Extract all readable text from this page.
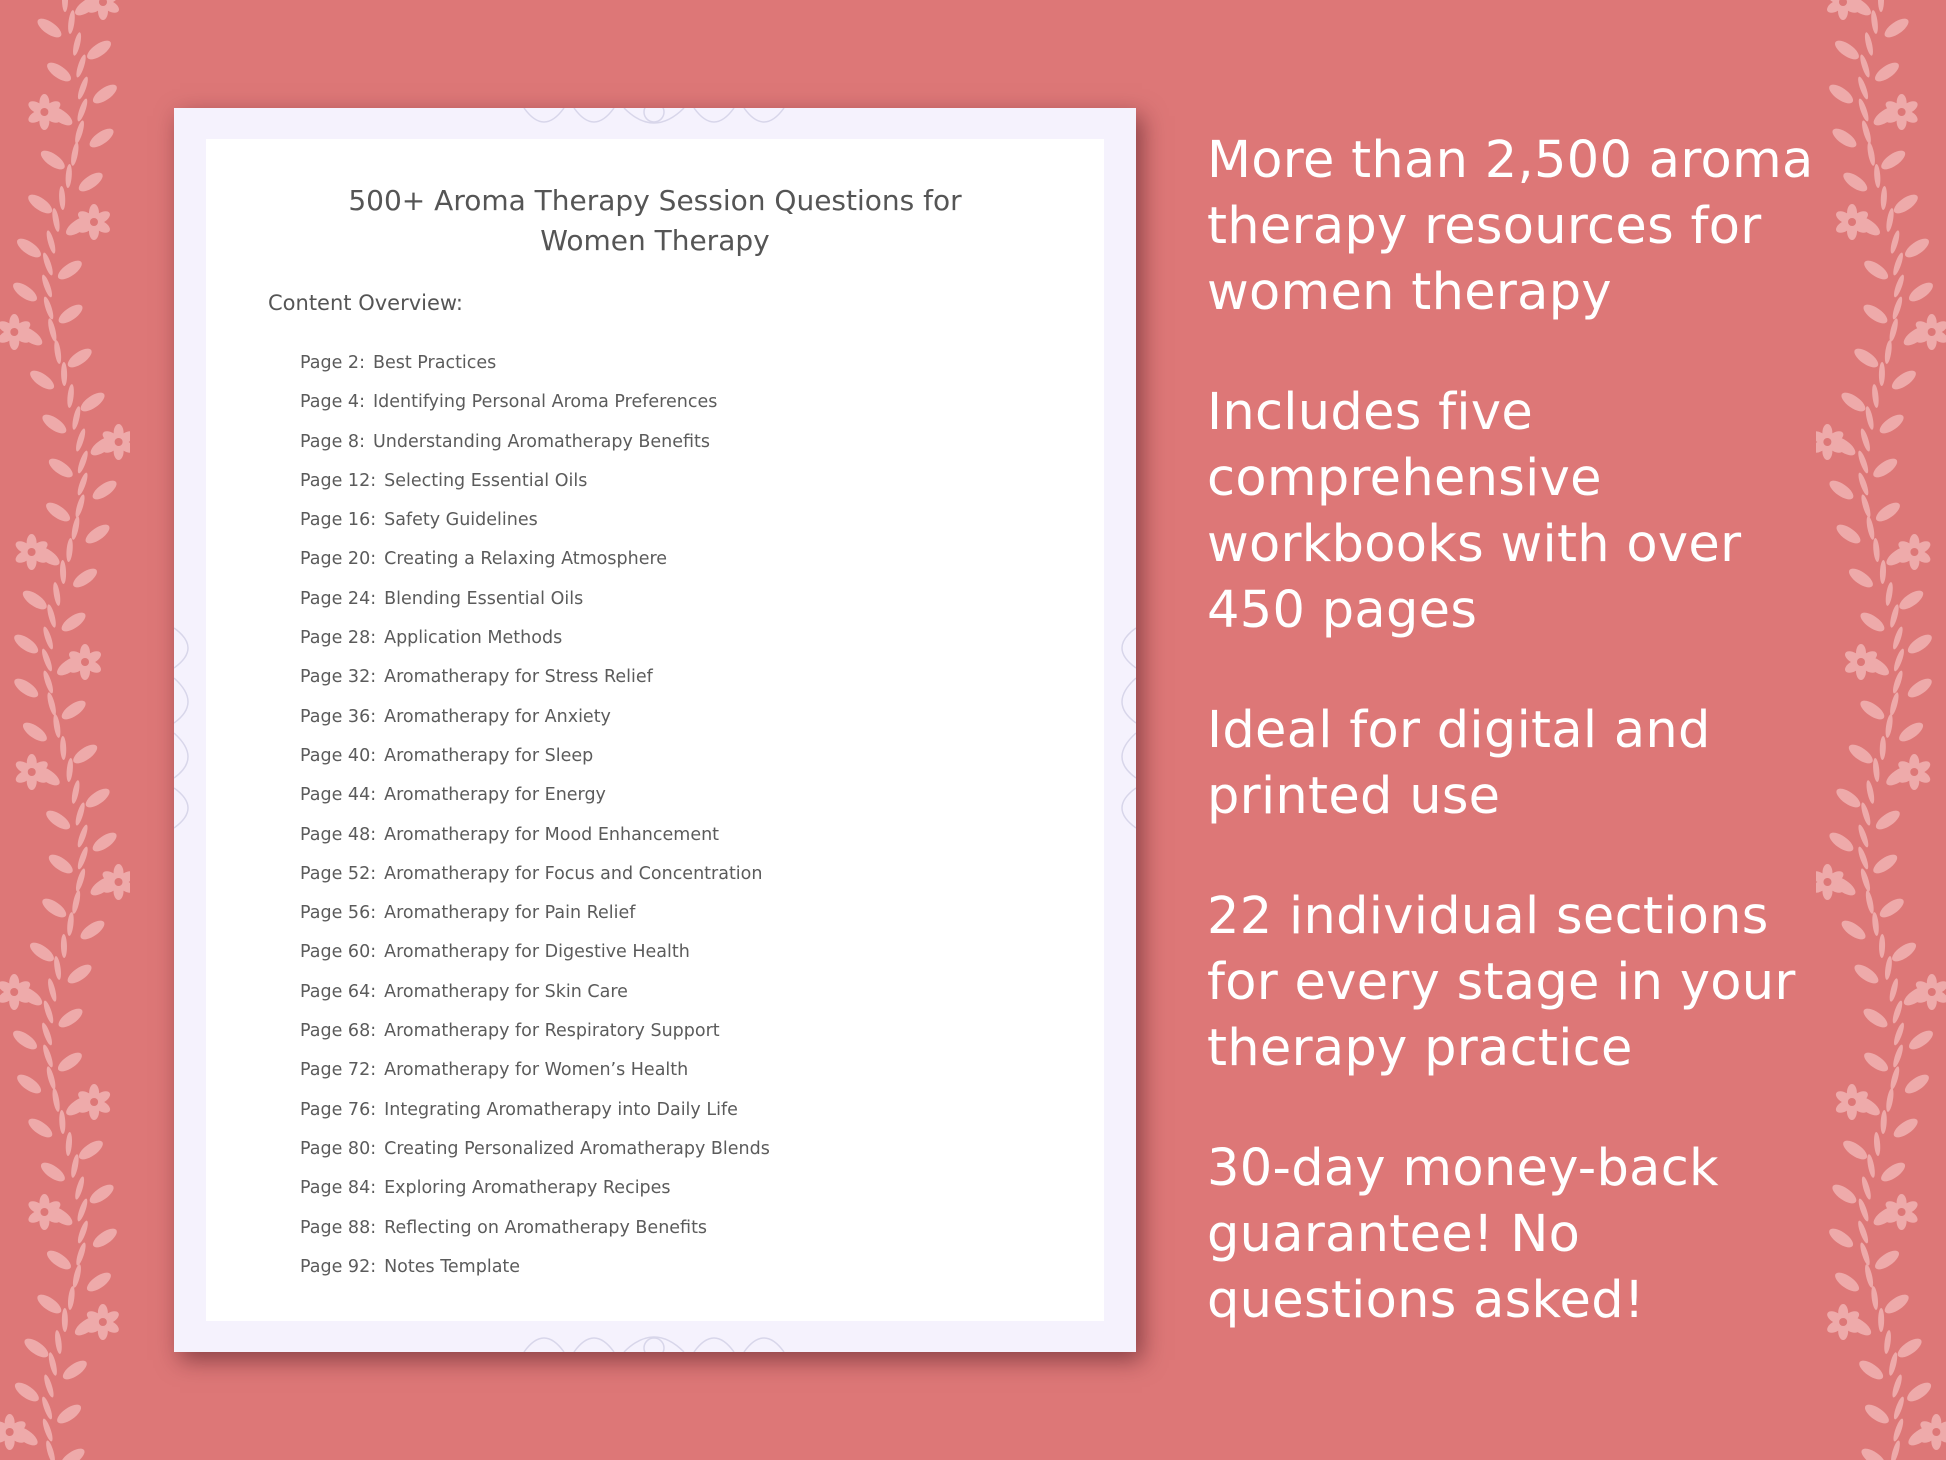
500+ Aroma Therapy Session Questions for
Women Therapy
Content Overview:
Page 2: Best Practices
Page 4: Identifying Personal Aroma Preferences
Page 8: Understanding Aromatherapy Benefits
Page 12: Selecting Essential Oils
Page 16: Safety Guidelines
Page 20: Creating a Relaxing Atmosphere
Page 24: Blending Essential Oils
Page 28: Application Methods
Page 32: Aromatherapy for Stress Relief
Page 36: Aromatherapy for Anxiety
Page 40: Aromatherapy for Sleep
Page 44: Aromatherapy for Energy
Page 48: Aromatherapy for Mood Enhancement
Page 52: Aromatherapy for Focus and Concentration
Page 56: Aromatherapy for Pain Relief
Page 60: Aromatherapy for Digestive Health
Page 64: Aromatherapy for Skin Care
Page 68: Aromatherapy for Respiratory Support
Page 72: Aromatherapy for Women’s Health
Page 76: Integrating Aromatherapy into Daily Life
Page 80: Creating Personalized Aromatherapy Blends
Page 84: Exploring Aromatherapy Recipes
Page 88: Reflecting on Aromatherapy Benefits
Page 92: Notes Template
More than 2,500 aroma
therapy resources for
women therapy
Includes five
comprehensive
workbooks with over
450 pages
Ideal for digital and
printed use
22 individual sections
for every stage in your
therapy practice
30-day money-back
guarantee! No
questions asked!
